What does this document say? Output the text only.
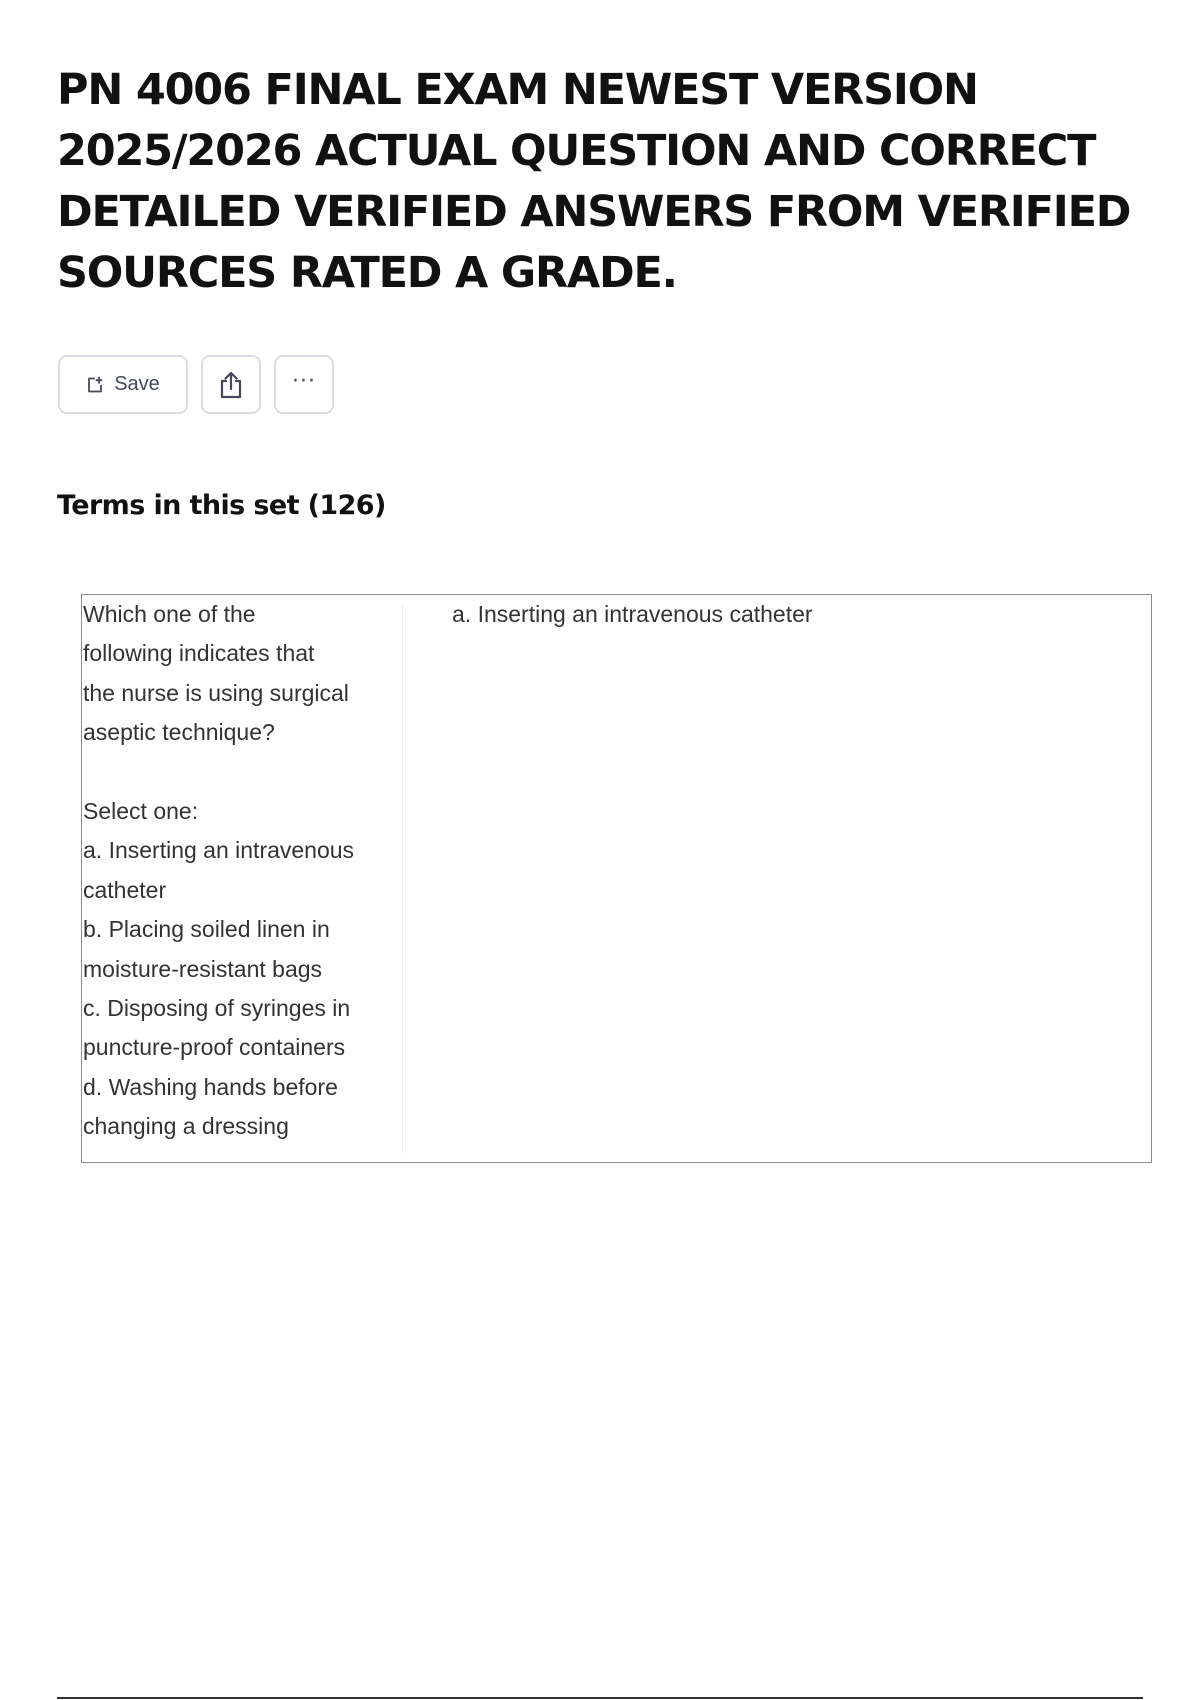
PN 4006 FINAL EXAM NEWEST VERSION 2025/2026 ACTUAL QUESTION AND CORRECT DETAILED VERIFIED ANSWERS FROM VERIFIED SOURCES RATED A GRADE.
Save	···
Terms in this set (126)
Which one of the
following indicates that
the nurse is using surgical
aseptic technique?

Select one:
a. Inserting an intravenous
catheter
b. Placing soiled linen in
moisture-resistant bags
c. Disposing of syringes in
puncture-proof containers
d. Washing hands before
changing a dressing
a. Inserting an intravenous catheter
